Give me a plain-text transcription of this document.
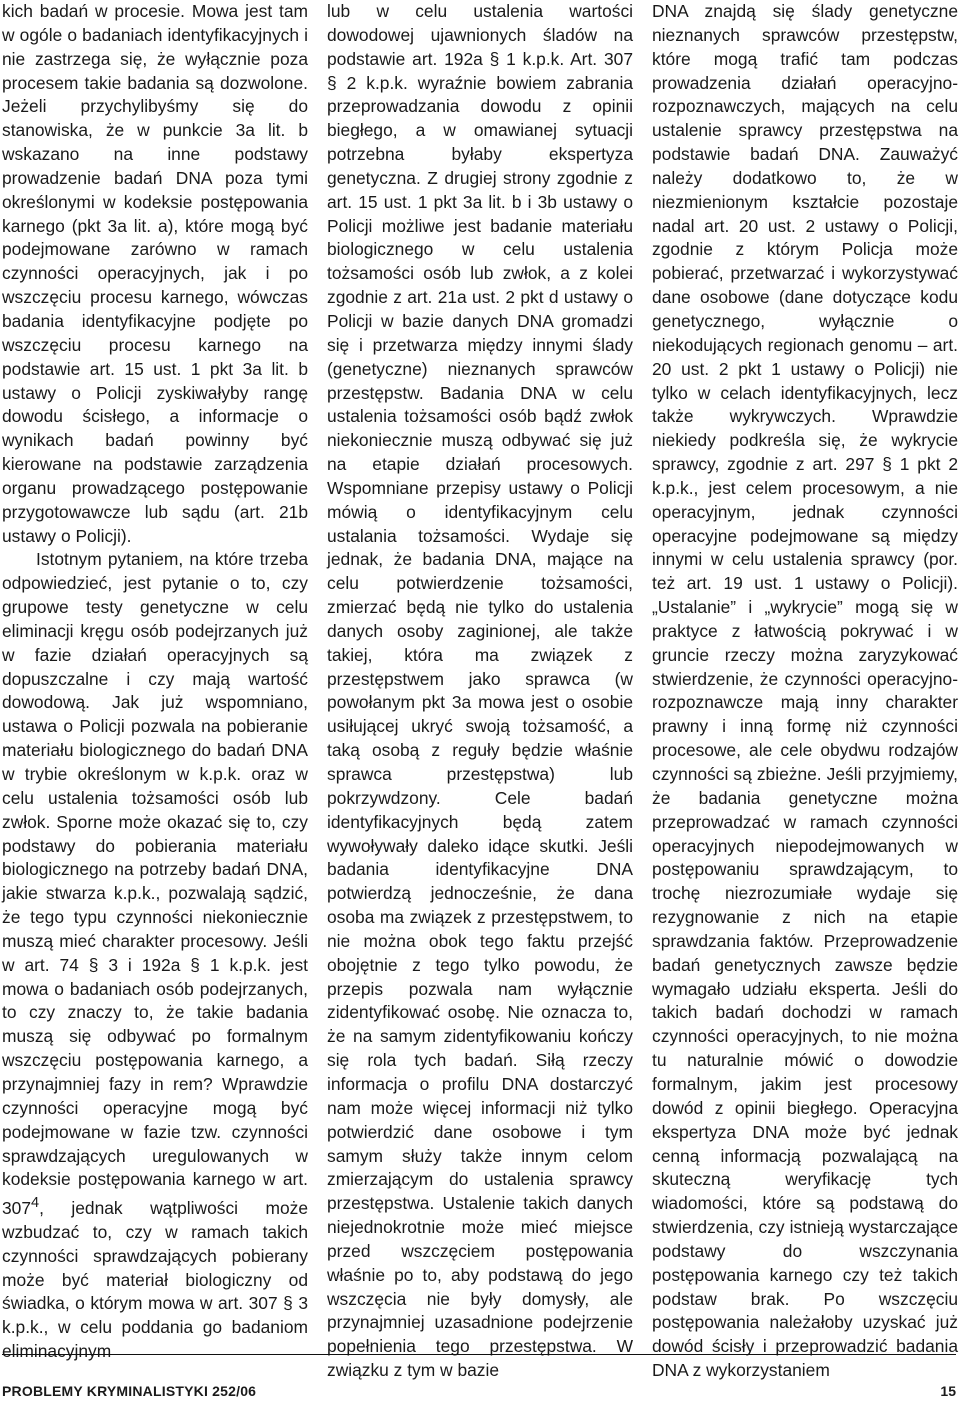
kich badań w procesie. Mowa jest tam w ogóle o badaniach identyfikacyjnych i nie zastrzega się, że wyłącznie poza procesem takie badania są dozwolone. Jeżeli przychylibyśmy się do stanowiska, że w punkcie 3a lit. b wskazano na inne podstawy prowadzenie badań DNA poza tymi określonymi w kodeksie postępowania karnego (pkt 3a lit. a), które mogą być podejmowane zarówno w ramach czynności operacyjnych, jak i po wszczęciu procesu karnego, wówczas badania identyfikacyjne podjęte po wszczęciu procesu karnego na podstawie art. 15 ust. 1 pkt 3a lit. b ustawy o Policji zyskiwałyby rangę dowodu ścisłego, a informacje o wynikach badań powinny być kierowane na podstawie zarządzenia organu prowadzącego postępowanie przygotowawcze lub sądu (art. 21b ustawy o Policji).

Istotnym pytaniem, na które trzeba odpowiedzieć, jest pytanie o to, czy grupowe testy genetyczne w celu eliminacji kręgu osób podejrzanych już w fazie działań operacyjnych są dopuszczalne i czy mają wartość dowodową. Jak już wspomniano, ustawa o Policji pozwala na pobieranie materiału biologicznego do badań DNA w trybie określonym w k.p.k. oraz w celu ustalenia tożsamości osób lub zwłok. Sporne może okazać się to, czy podstawy do pobierania materiału biologicznego na potrzeby badań DNA, jakie stwarza k.p.k., pozwalają sądzić, że tego typu czynności niekoniecznie muszą mieć charakter procesowy. Jeśli w art. 74 § 3 i 192a § 1 k.p.k. jest mowa o badaniach osób podejrzanych, to czy znaczy to, że takie badania muszą się odbywać po formalnym wszczęciu postępowania karnego, a przynajmniej fazy in rem? Wprawdzie czynności operacyjne mogą być podejmowane w fazie tzw. czynności sprawdzających uregulowanych w kodeksie postępowania karnego w art. $307^4$, jednak wątpliwości może wzbudzać to, czy w ramach takich czynności sprawdzających pobierany może być materiał biologiczny od świadka, o którym mowa w art. 307 § 3 k.p.k., w celu poddania go badaniom eliminacyjnym

lub w celu ustalenia wartości dowodowej ujawnionych śladów na podstawie art. 192a § 1 k.p.k. Art. 307 § 2 k.p.k. wyraźnie bowiem zabrania przeprowadzania dowodu z opinii biegłego, a w omawianej sytuacji potrzebna byłaby ekspertyza genetyczna. Z drugiej strony zgodnie z art. 15 ust. 1 pkt 3a lit. b i 3b ustawy o Policji możliwe jest badanie materiału biologicznego w celu ustalenia tożsamości osób lub zwłok, a z kolei zgodnie z art. 21a ust. 2 pkt d ustawy o Policji w bazie danych DNA gromadzi się i przetwarza między innymi ślady (genetyczne) nieznanych sprawców przestępstw. Badania DNA w celu ustalenia tożsamości osób bądź zwłok niekoniecznie muszą odbywać się już na etapie działań procesowych. Wspomniane przepisy ustawy o Policji mówią o identyfikacyjnym celu ustalania tożsamości. Wydaje się jednak, że badania DNA, mające na celu potwierdzenie tożsamości, zmierzać będą nie tylko do ustalenia danych osoby zaginionej, ale także takiej, która ma związek z przestępstwem jako sprawca (w powołanym pkt 3a mowa jest o osobie usiłującej ukryć swoją tożsamość, a taką osobą z reguły będzie właśnie sprawca przestępstwa) lub pokrzywdzony. Cele badań identyfikacyjnych będą zatem wywoływały daleko idące skutki. Jeśli badania identyfikacyjne DNA potwierdzą jednocześnie, że dana osoba ma związek z przestępstwem, to nie można obok tego faktu przejść obojętnie z tego tylko powodu, że przepis pozwala nam wyłącznie zidentyfikować osobę. Nie oznacza to, że na samym zidentyfikowaniu kończy się rola tych badań. Siłą rzeczy informacja o profilu DNA dostarczyć nam może więcej informacji niż tylko potwierdzić dane osobowe i tym samym służy także innym celom zmierzającym do ustalenia sprawcy przestępstwa. Ustalenie takich danych niejednokrotnie może mieć miejsce przed wszczęciem postępowania właśnie po to, aby podstawą do jego wszczęcia nie były domysły, ale przynajmniej uzasadnione podejrzenie popełnienia tego przestępstwa. W związku z tym w bazie

DNA znajdą się ślady genetyczne nieznanych sprawców przestępstw, które mogą trafić tam podczas prowadzenia działań operacyjno-rozpoznawczych, mających na celu ustalenie sprawcy przestępstwa na podstawie badań DNA. Zauważyć należy dodatkowo to, że w niezmienionym kształcie pozostaje nadal art. 20 ust. 2 ustawy o Policji, zgodnie z którym Policja może pobierać, przetwarzać i wykorzystywać dane osobowe (dane dotyczące kodu genetycznego, wyłącznie o niekodujących regionach genomu – art. 20 ust. 2 pkt 1 ustawy o Policji) nie tylko w celach identyfikacyjnych, lecz także wykrywczych. Wprawdzie niekiedy podkreśla się, że wykrycie sprawcy, zgodnie z art. 297 § 1 pkt 2 k.p.k., jest celem procesowym, a nie operacyjnym, jednak czynności operacyjne podejmowane są między innymi w celu ustalenia sprawcy (por. też art. 19 ust. 1 ustawy o Policji). „Ustalanie” i „wykrycie” mogą się w praktyce z łatwością pokrywać i w gruncie rzeczy można zaryzykować stwierdzenie, że czynności operacyjno-rozpoznawcze mają inny charakter prawny i inną formę niż czynności procesowe, ale cele obydwu rodzajów czynności są zbieżne. Jeśli przyjmiemy, że badania genetyczne można przeprowadzać w ramach czynności operacyjnych niepodejmowanych w postępowaniu sprawdzającym, to trochę niezrozumiałe wydaje się rezygnowanie z nich na etapie sprawdzania faktów. Przeprowadzenie badań genetycznych zawsze będzie wymagało udziału eksperta. Jeśli do takich badań dochodzi w ramach czynności operacyjnych, to nie można tu naturalnie mówić o dowodzie formalnym, jakim jest procesowy dowód z opinii biegłego. Operacyjna ekspertyza DNA może być jednak cenną informacją pozwalającą na skuteczną weryfikację tych wiadomości, które są podstawą do stwierdzenia, czy istnieją wystarczające podstawy do wszczynania postępowania karnego czy też takich podstaw brak. Po wszczęciu postępowania należałoby uzyskać już dowód ścisły i przeprowadzić badania DNA z wykorzystaniem

PROBLEMY KRYMINALISTYKI 252/06	15
